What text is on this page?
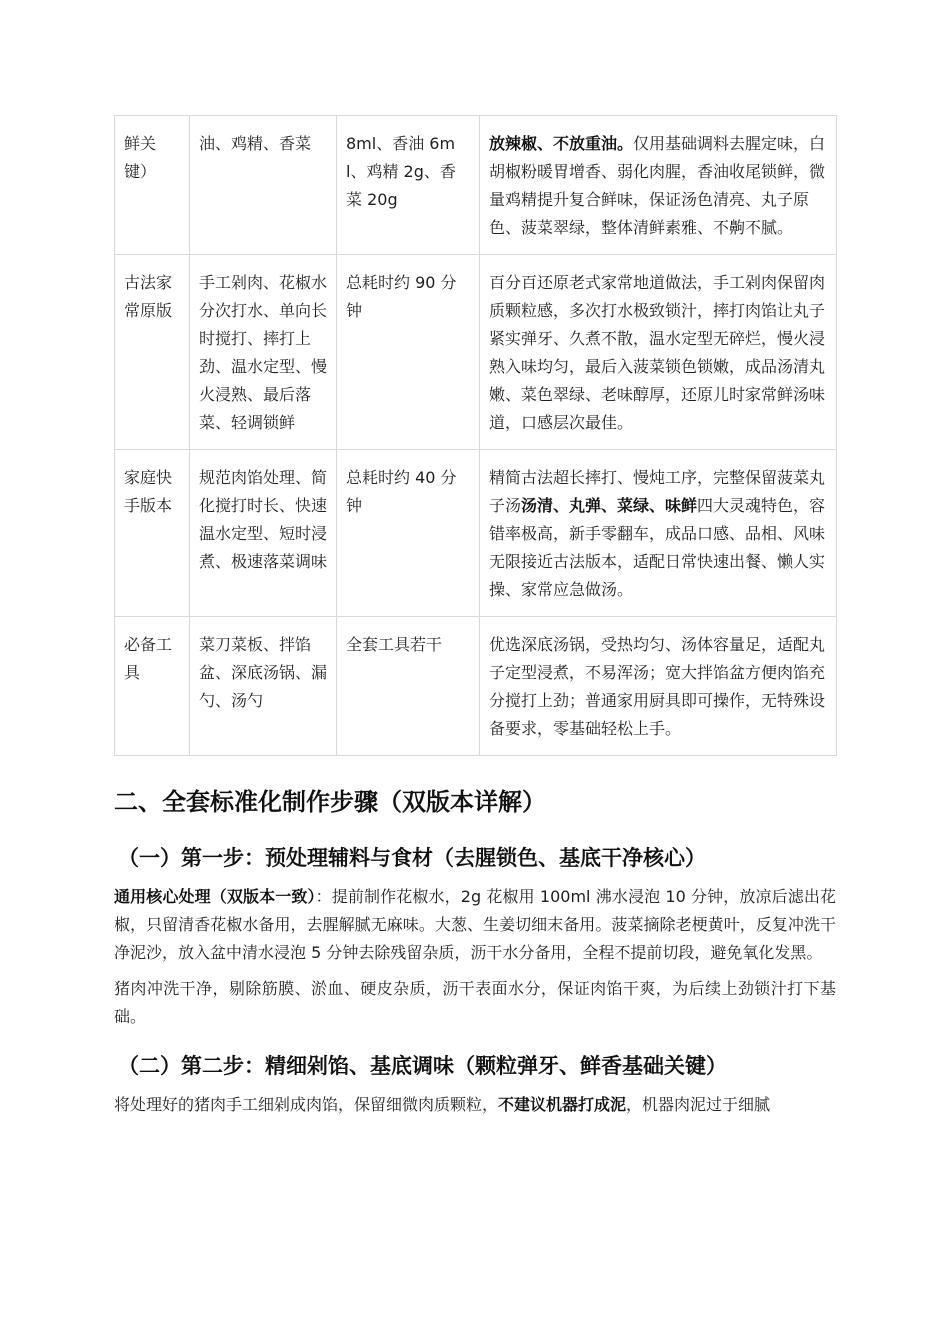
鲜关键）	油、鸡精、香菜	8ml、香油 6ml、鸡精 2g、香菜 20g	放辣椒、不放重油。仅用基础调料去腥定味，白胡椒粉暖胃增香、弱化肉腥，香油收尾锁鲜，微量鸡精提升复合鲜味，保证汤色清亮、丸子原色、菠菜翠绿，整体清鲜素雅、不齁不腻。
古法家常原版	手工剁肉、花椒水分次打水、单向长时搅打、摔打上劲、温水定型、慢火浸熟、最后落菜、轻调锁鲜	总耗时约 90 分钟	百分百还原老式家常地道做法，手工剁肉保留肉质颗粒感，多次打水极致锁汁，摔打肉馅让丸子紧实弹牙、久煮不散，温水定型无碎烂，慢火浸熟入味均匀，最后入菠菜锁色锁嫩，成品汤清丸嫩、菜色翠绿、老味醇厚，还原儿时家常鲜汤味道，口感层次最佳。
家庭快手版本	规范肉馅处理、简化搅打时长、快速温水定型、短时浸煮、极速落菜调味	总耗时约 40 分钟	精简古法超长摔打、慢炖工序，完整保留菠菜丸子汤汤清、丸弹、菜绿、味鲜四大灵魂特色，容错率极高，新手零翻车，成品口感、品相、风味无限接近古法版本，适配日常快速出餐、懒人实操、家常应急做汤。
必备工具	菜刀菜板、拌馅盆、深底汤锅、漏勺、汤勺	全套工具若干	优选深底汤锅，受热均匀、汤体容量足，适配丸子定型浸煮，不易浑汤；宽大拌馅盆方便肉馅充分搅打上劲；普通家用厨具即可操作，无特殊设备要求，零基础轻松上手。
二、全套标准化制作步骤（双版本详解）
（一）第一步：预处理辅料与食材（去腥锁色、基底干净核心）

通用核心处理（双版本一致）：提前制作花椒水，2g 花椒用 100ml 沸水浸泡 10 分钟，放凉后滤出花椒，只留清香花椒水备用，去腥解腻无麻味。大葱、生姜切细末备用。菠菜摘除老梗黄叶，反复冲洗干净泥沙，放入盆中清水浸泡 5 分钟去除残留杂质，沥干水分备用，全程不提前切段，避免氧化发黑。

猪肉冲洗干净，剔除筋膜、淤血、硬皮杂质，沥干表面水分，保证肉馅干爽，为后续上劲锁汁打下基础。

（二）第二步：精细剁馅、基底调味（颗粒弹牙、鲜香基础关键）

将处理好的猪肉手工细剁成肉馅，保留细微肉质颗粒，不建议机器打成泥，机器肉泥过于细腻
